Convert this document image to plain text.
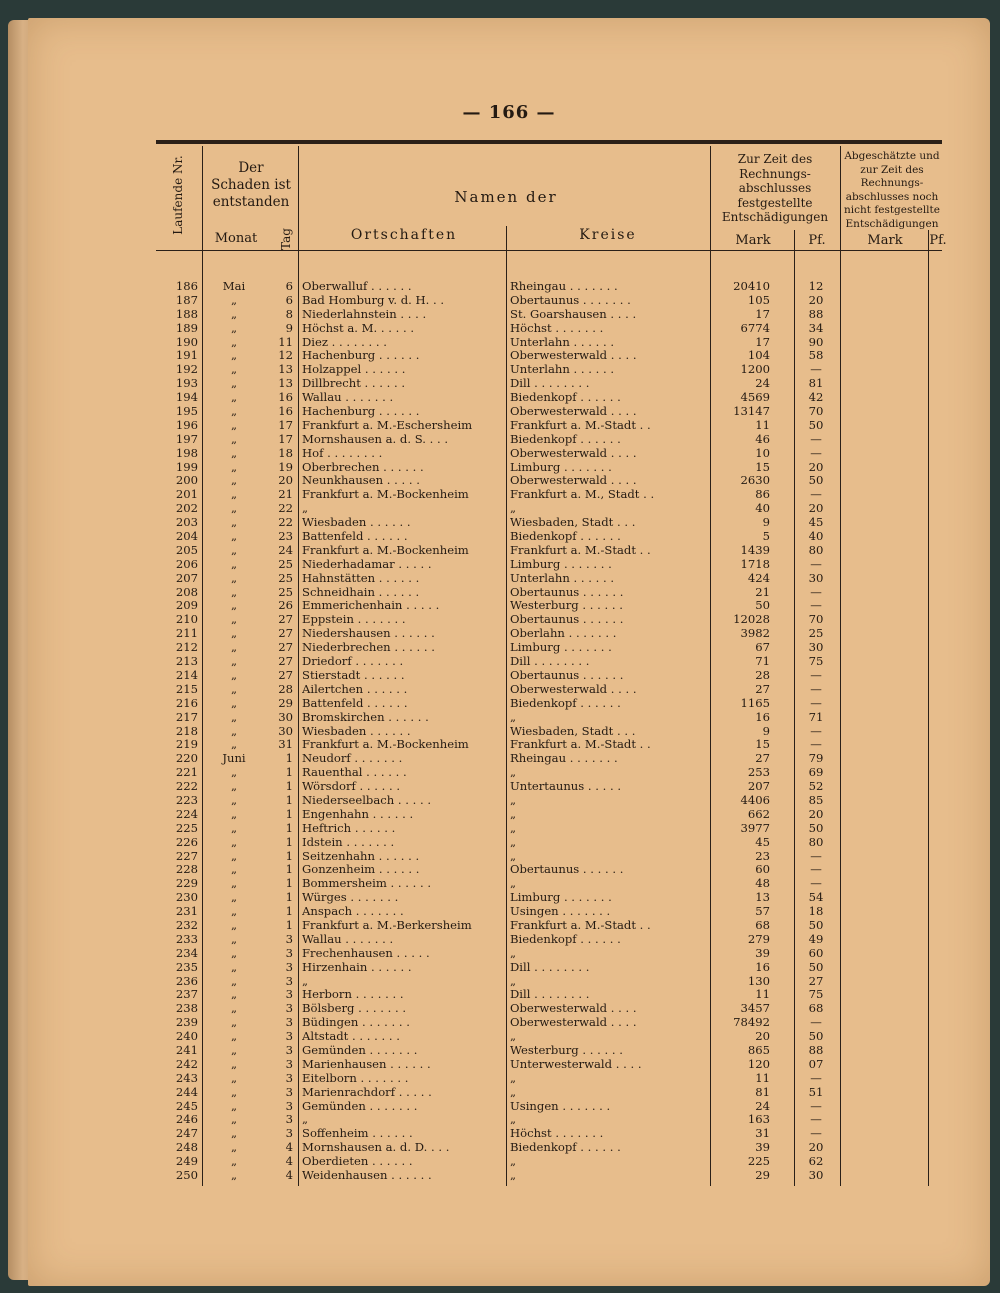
— 166 —
Laufende Nr.	Der Schaden ist entstanden
Monat	Tag
Namen der
Ortschaften	Kreise
Zur Zeit des Rechnungs-abschlusses festgestellte Entschädigungen
Mark	Pf.
Abgeschätzte und zur Zeit des Rechnungs-abschlusses noch nicht festgestellte Entschädigungen
Mark	Pf.
186	Mai	6 Oberwalluf . . . . . .	Rheingau . . . . . . .	20410	12
187	„	6 Bad Homburg v. d. H. . .	Obertaunus . . . . . . .	105	20
188	„	8 Niederlahnstein . . . .	St. Goarshausen . . . .	17	88
189	„	9 Höchst a. M. . . . . .	Höchst . . . . . . .	6774	34
190	„	11 Diez . . . . . . . .	Unterlahn . . . . . .	17	90
191	„	12 Hachenburg . . . . . .	Oberwesterwald . . . .	104	58
192	„	13 Holzappel . . . . . .	Unterlahn . . . . . .	1200	—
193	„	13 Dillbrecht . . . . . .	Dill . . . . . . . .	24	81
194	„	16 Wallau . . . . . . .	Biedenkopf . . . . . .	4569	42
195	„	16 Hachenburg . . . . . .	Oberwesterwald . . . .	13147	70
196	„	17 Frankfurt a. M.-Eschersheim	Frankfurt a. M.-Stadt . .	11	50
197	„	17 Mornshausen a. d. S. . . .	Biedenkopf . . . . . .	46	—
198	„	18 Hof . . . . . . . .	Oberwesterwald . . . .	10	—
199	„	19 Oberbrechen . . . . . .	Limburg . . . . . . .	15	20
200	„	20 Neunkhausen . . . . .	Oberwesterwald . . . .	2630	50
201	„	21 Frankfurt a. M.-Bockenheim	Frankfurt a. M., Stadt . .	86	—
202	„	22 „	„	40	20
203	„	22 Wiesbaden . . . . . .	Wiesbaden, Stadt . . .	9	45
204	„	23 Battenfeld . . . . . .	Biedenkopf . . . . . .	5	40
205	„	24 Frankfurt a. M.-Bockenheim	Frankfurt a. M.-Stadt . .	1439	80
206	„	25 Niederhadamar . . . . .	Limburg . . . . . . .	1718	—
207	„	25 Hahnstätten . . . . . .	Unterlahn . . . . . .	424	30
208	„	25 Schneidhain . . . . . .	Obertaunus . . . . . .	21	—
209	„	26 Emmerichenhain . . . . .	Westerburg . . . . . .	50	—
210	„	27 Eppstein . . . . . . .	Obertaunus . . . . . .	12028	70
211	„	27 Niedershausen . . . . . .	Oberlahn . . . . . . .	3982	25
212	„	27 Niederbrechen . . . . . .	Limburg . . . . . . .	67	30
213	„	27 Driedorf . . . . . . .	Dill . . . . . . . .	71	75
214	„	27 Stierstadt . . . . . .	Obertaunus . . . . . .	28	—
215	„	28 Ailertchen . . . . . .	Oberwesterwald . . . .	27	—
216	„	29 Battenfeld . . . . . .	Biedenkopf . . . . . .	1165	—
217	„	30 Bromskirchen . . . . . .	„	16	71
218	„	30 Wiesbaden . . . . . .	Wiesbaden, Stadt . . .	9	—
219	„	31 Frankfurt a. M.-Bockenheim	Frankfurt a. M.-Stadt . .	15	—
220	Juni	1 Neudorf . . . . . . .	Rheingau . . . . . . .	27	79
221	„	1 Rauenthal . . . . . .	„	253	69
222	„	1 Wörsdorf . . . . . .	Untertaunus . . . . .	207	52
223	„	1 Niederseelbach . . . . .	„	4406	85
224	„	1 Engenhahn . . . . . .	„	662	20
225	„	1 Heftrich . . . . . .	„	3977	50
226	„	1 Idstein . . . . . . .	„	45	80
227	„	1 Seitzenhahn . . . . . .	„	23	—
228	„	1 Gonzenheim . . . . . .	Obertaunus . . . . . .	60	—
229	„	1 Bommersheim . . . . . .	„	48	—
230	„	1 Würges . . . . . . .	Limburg . . . . . . .	13	54
231	„	1 Anspach . . . . . . .	Usingen . . . . . . .	57	18
232	„	1 Frankfurt a. M.-Berkersheim	Frankfurt a. M.-Stadt . .	68	50
233	„	3 Wallau . . . . . . .	Biedenkopf . . . . . .	279	49
234	„	3 Frechenhausen . . . . .	„	39	60
235	„	3 Hirzenhain . . . . . .	Dill . . . . . . . .	16	50
236	„	3 „	„	130	27
237	„	3 Herborn . . . . . . .	Dill . . . . . . . .	11	75
238	„	3 Bölsberg . . . . . . .	Oberwesterwald . . . .	3457	68
239	„	3 Büdingen . . . . . . .	Oberwesterwald . . . .	78492	—
240	„	3 Altstadt . . . . . . .	„	20	50
241	„	3 Gemünden . . . . . . .	Westerburg . . . . . .	865	88
242	„	3 Marienhausen . . . . . .	Unterwesterwald . . . .	120	07
243	„	3 Eitelborn . . . . . . .	„	11	—
244	„	3 Marienrachdorf . . . . .	„	81	51
245	„	3 Gemünden . . . . . . .	Usingen . . . . . . .	24	—
246	„	3 „	„	163	—
247	„	3 Soffenheim . . . . . .	Höchst . . . . . . .	31	—
248	„	4 Mornshausen a. d. D. . . .	Biedenkopf . . . . . .	39	20
249	„	4 Oberdieten . . . . . .	„	225	62
250	„	4 Weidenhausen . . . . . .	„	29	30
